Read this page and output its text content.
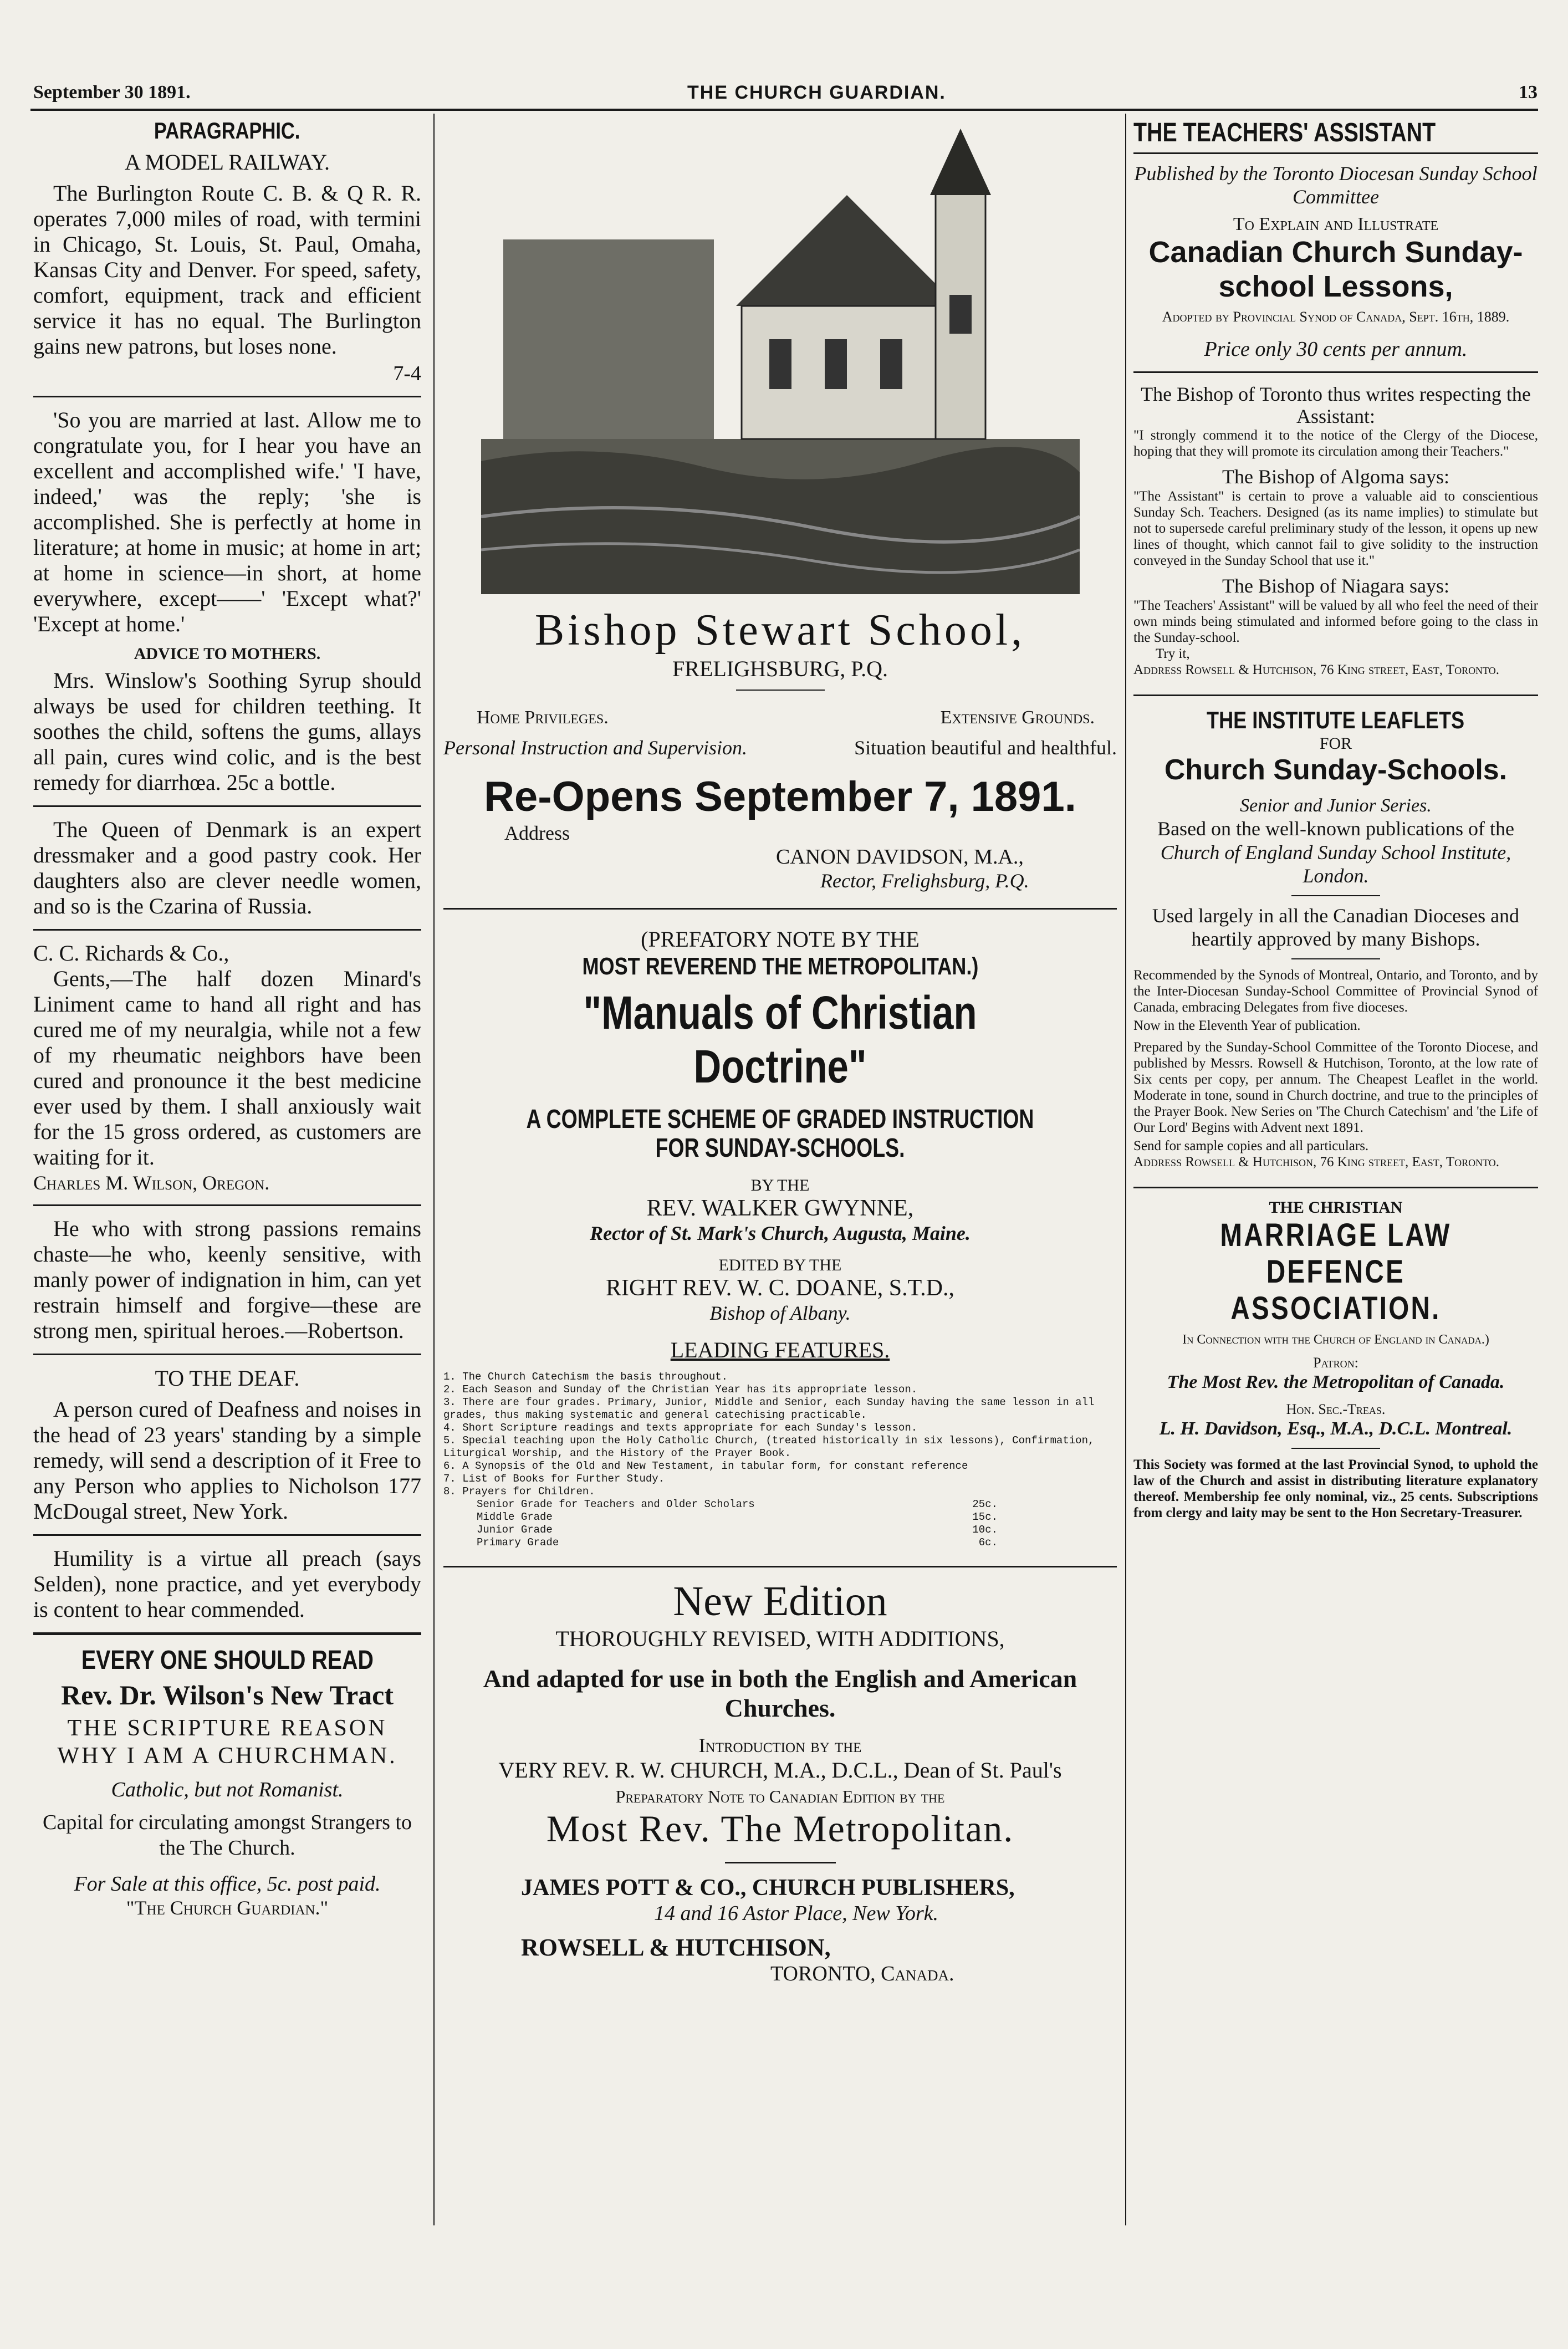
September 30 1891.	THE CHURCH GUARDIAN.	13
PARAGRAPHIC.
A MODEL RAILWAY.

The Burlington Route C. B. & Q R. R. operates 7,000 miles of road, with termini in Chicago, St. Louis, St. Paul, Omaha, Kansas City and Denver. For speed, safety, comfort, equipment, track and efficient service it has no equal. The Burlington gains new patrons, but loses none.

7-4

'So you are married at last. Allow me to congratulate you, for I hear you have an excellent and accomplished wife.' 'I have, indeed,' was the reply; 'she is accomplished. She is perfectly at home in literature; at home in music; at home in art; at home in science—in short, at home everywhere, except——' 'Except what?' 'Except at home.'

ADVICE TO MOTHERS.

Mrs. Winslow's Soothing Syrup should always be used for children teething. It soothes the child, softens the gums, allays all pain, cures wind colic, and is the best remedy for diarrhœa. 25c a bottle.

The Queen of Denmark is an expert dressmaker and a good pastry cook. Her daughters also are clever needle women, and so is the Czarina of Russia.

C. C. Richards & Co.,

Gents,—The half dozen Minard's Liniment came to hand all right and has cured me of my neuralgia, while not a few of my rheumatic neighbors have been cured and pronounce it the best medicine ever used by them. I shall anxiously wait for the 15 gross ordered, as customers are waiting for it.

Charles M. Wilson, Oregon.

He who with strong passions remains chaste—he who, keenly sensitive, with manly power of indignation in him, can yet restrain himself and forgive—these are strong men, spiritual heroes.—Robertson.

TO THE DEAF.

A person cured of Deafness and noises in the head of 23 years' standing by a simple remedy, will send a description of it Free to any Person who applies to Nicholson 177 McDougal street, New York.

Humility is a virtue all preach (says Selden), none practice, and yet everybody is content to hear commended.

EVERY ONE SHOULD READ
Rev. Dr. Wilson's New Tract
THE SCRIPTURE REASON WHY I AM A CHURCHMAN.
Catholic, but not Romanist.
Capital for circulating amongst Strangers to the The Church.
For Sale at this office, 5c. post paid.
"The Church Guardian."
Bishop Stewart School,
FRELIGHSBURG, P.Q.
Home Privileges.	Extensive Grounds.
Personal Instruction and Supervision.	Situation beautiful and healthful.
Re-Opens September 7, 1891.
Address
CANON DAVIDSON, M.A.,
Rector, Frelighsburg, P.Q.
(PREFATORY NOTE BY THE
MOST REVEREND THE METROPOLITAN.)
"Manuals of Christian Doctrine"
A COMPLETE SCHEME OF GRADED INSTRUCTION FOR SUNDAY-SCHOOLS.
BY THE
REV. WALKER GWYNNE,
Rector of St. Mark's Church, Augusta, Maine.
EDITED BY THE
RIGHT REV. W. C. DOANE, S.T.D.,
Bishop of Albany.
LEADING FEATURES.
1. The Church Catechism the basis throughout.
2. Each Season and Sunday of the Christian Year has its appropriate lesson.
3. There are four grades. Primary, Junior, Middle and Senior, each Sunday having the same lesson in all grades, thus making systematic and general catechising practicable.
4. Short Scripture readings and texts appropriate for each Sunday's lesson.
5. Special teaching upon the Holy Catholic Church, (treated historically in six lessons), Confirmation, Liturgical Worship, and the History of the Prayer Book.
6. A Synopsis of the Old and New Testament, in tabular form, for constant reference
7. List of Books for Further Study.
8. Prayers for Children.
Senior Grade for Teachers and Older Scholars	25c.
Middle Grade	15c.
Junior Grade	10c.
Primary Grade	6c.
New Edition
THOROUGHLY REVISED, WITH ADDITIONS,
And adapted for use in both the English and American Churches.
Introduction by the
VERY REV. R. W. CHURCH, M.A., D.C.L., Dean of St. Paul's
Preparatory Note to Canadian Edition by the
Most Rev. The Metropolitan.
JAMES POTT & CO., CHURCH PUBLISHERS,
14 and 16 Astor Place, New York.
ROWSELL & HUTCHISON,
TORONTO, Canada.
THE TEACHERS' ASSISTANT
Published by the Toronto Diocesan Sunday School Committee
To Explain and Illustrate
Canadian Church Sunday-school Lessons,
Adopted by Provincial Synod of Canada, Sept. 16th, 1889.
Price only 30 cents per annum.
The Bishop of Toronto thus writes respecting the Assistant:
"I strongly commend it to the notice of the Clergy of the Diocese, hoping that they will promote its circulation among their Teachers."
The Bishop of Algoma says:
"The Assistant" is certain to prove a valuable aid to conscientious Sunday Sch. Teachers. Designed (as its name implies) to stimulate but not to supersede careful preliminary study of the lesson, it opens up new lines of thought, which cannot fail to give solidity to the instruction conveyed in the Sunday School that use it."
The Bishop of Niagara says:
"The Teachers' Assistant" will be valued by all who feel the need of their own minds being stimulated and informed before going to the class in the Sunday-school.
Try it,
Address Rowsell & Hutchison, 76 King street, East, Toronto.
THE INSTITUTE LEAFLETS
FOR
Church Sunday-Schools.
Senior and Junior Series.
Based on the well-known publications of the
Church of England Sunday School Institute, London.
Used largely in all the Canadian Dioceses and heartily approved by many Bishops.
Recommended by the Synods of Montreal, Ontario, and Toronto, and by the Inter-Diocesan Sunday-School Committee of Provincial Synod of Canada, embracing Delegates from five dioceses.
Now in the Eleventh Year of publication.
Prepared by the Sunday-School Committee of the Toronto Diocese, and published by Messrs. Rowsell & Hutchison, Toronto, at the low rate of Six cents per copy, per annum. The Cheapest Leaflet in the world. Moderate in tone, sound in Church doctrine, and true to the principles of the Prayer Book. New Series on 'The Church Catechism' and 'the Life of Our Lord' Begins with Advent next 1891.
Send for sample copies and all particulars.
Address Rowsell & Hutchison, 76 King street, East, Toronto.
THE CHRISTIAN
MARRIAGE LAW DEFENCE ASSOCIATION.
In Connection with the Church of England in Canada.)
Patron:
The Most Rev. the Metropolitan of Canada.
Hon. Sec.-Treas.
L. H. Davidson, Esq., M.A., D.C.L. Montreal.
This Society was formed at the last Provincial Synod, to uphold the law of the Church and assist in distributing literature explanatory thereof. Membership fee only nominal, viz., 25 cents. Subscriptions from clergy and laity may be sent to the Hon Secretary-Treasurer.
